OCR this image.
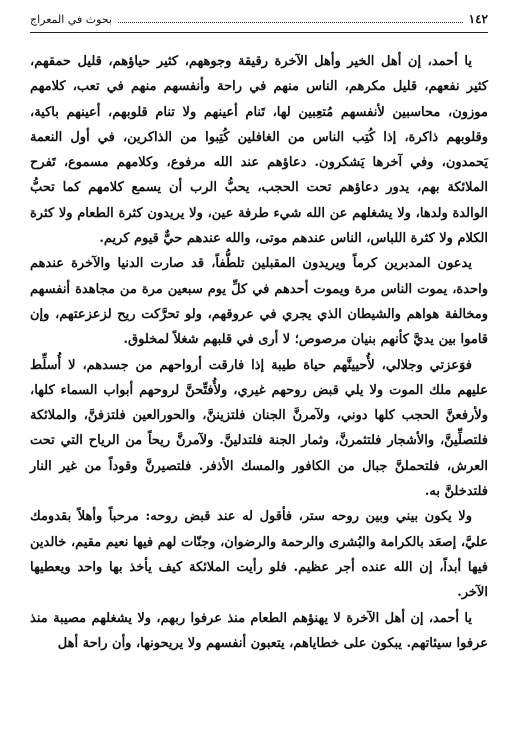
١٤٢
بحوث في المعراج

يا أحمد، إن أهل الخير وأهل الآخرة رقيقة وجوههم، كثير حياؤهم، قليل حمقهم، كثير نفعهم، قليل مكرهم، الناس منهم في راحة وأنفسهم منهم في تعب، كلامهم موزون، محاسبين لأنفسهم مُتعِبين لها، تَنام أعينهم ولا تنام قلوبهم، أعينهم باكية، وقلوبهم ذاكرة، إذا كُتِب الناس من الغافلين كُتِبوا من الذاكرين، في أول النعمة يَحمدون، وفي آخرها يَشكرون. دعاؤهم عند الله مرفوع، وكلامهم مسموع، تَفرح الملائكة بهم، يدور دعاؤهم تحت الحجب، يحبُّ الرب أن يسمع كلامهم كما تحبُّ الوالدة ولدها، ولا يشغلهم عن الله شيء طرفة عين، ولا يريدون كثرة الطعام ولا كثرة الكلام ولا كثرة اللباس، الناس عندهم موتى، والله عندهم حيٌّ قيوم كريم.

يدعون المدبرين كرماً ويريدون المقبلين تلطُّفاً، قد صارت الدنيا والآخرة عندهم واحدة، يموت الناس مرة ويموت أحدهم في كلِّ يوم سبعين مرة من مجاهدة أنفسهم ومخالفة هواهم والشيطان الذي يجري في عروقهم، ولو تحرَّكت ريح لزعزعتهم، وإن قاموا بين يديَّ كأنهم بنيان مرصوص؛ لا أرى في قلبهم شغلاً لمخلوق.

فوَعزتي وجلالي، لأُحيينَّهم حياة طيبة إذا فارقت أرواحهم من جسدهم، لا أُسلِّط عليهم ملك الموت ولا يلي قبض روحهم غيري، ولأُفتِّحنَّ لروحهم أبواب السماء كلها، ولأرفعنَّ الحجب كلها دوني، ولآمرنَّ الجنان فلتزيننَّ، والحورالعين فلتزفنَّ، والملائكة فلتصلِّينَّ، والأشجار فلتثمرنَّ، وثمار الجنة فلتدلينَّ. ولآمرنَّ ريحاً من الرياح التي تحت العرش، فلتحملنَّ جبال من الكافور والمسك الأذفر. فلتصيرنَّ وقوداً من غير النار فلتدخلنَّ به.

ولا يكون بيني وبين روحه ستر، فأقول له عند قبض روحه: مرحباً وأهلاً بقدومك عليَّ، إصعَد بالكرامة والبُشرى والرحمة والرضوان، وجنّات لهم فيها نعيم مقيم، خالدين فيها أبداً، إن الله عنده أجر عظيم. فلو رأيت الملائكة كيف يأخذ بها واحد ويعطيها الآخر.

يا أحمد، إن أهل الآخرة لا يهنؤهم الطعام منذ عرفوا ربهم، ولا يشغلهم مصيبة منذ عرفوا سيئاتهم. يبكون على خطاياهم، يتعبون أنفسهم ولا يريحونها، وأن راحة أهل
